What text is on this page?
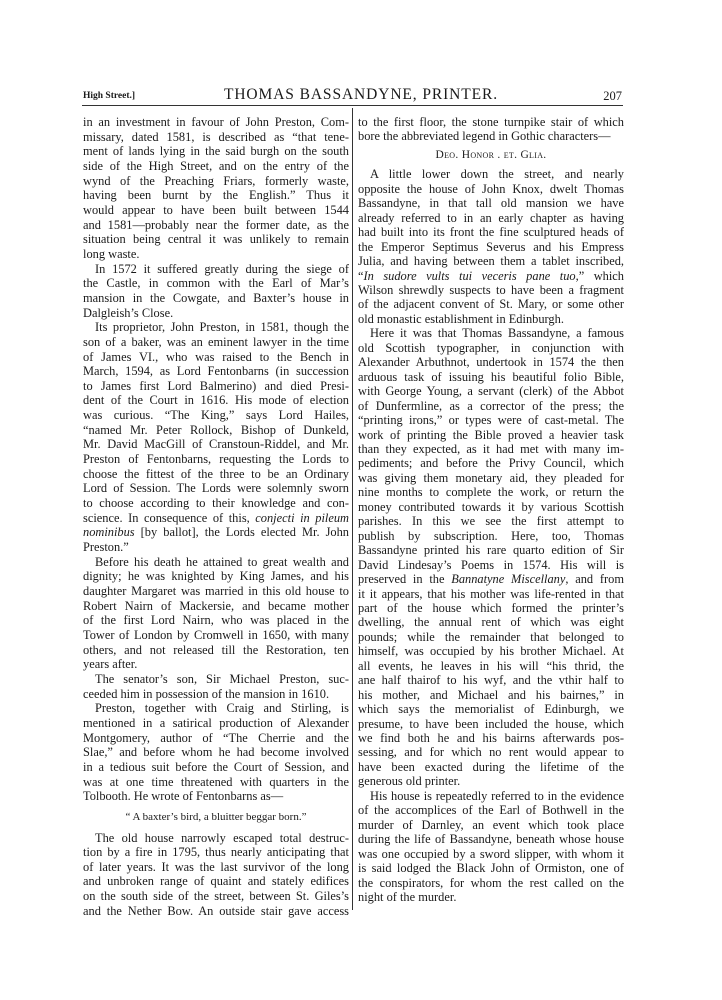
High Street.]	THOMAS BASSANDYNE, PRINTER.	207
in an investment in favour of John Preston, Com-
missary, dated 1581, is described as “that tene-
ment of lands lying in the said burgh on the south
side of the High Street, and on the entry of the
wynd of the Preaching Friars, formerly waste,
having been burnt by the English.” Thus it
would appear to have been built between 1544
and 1581—probably near the former date, as the
situation being central it was unlikely to remain
long waste.
In 1572 it suffered greatly during the siege of
the Castle, in common with the Earl of Mar’s
mansion in the Cowgate, and Baxter’s house in
Dalgleish’s Close.
Its proprietor, John Preston, in 1581, though the
son of a baker, was an eminent lawyer in the time
of James VI., who was raised to the Bench in
March, 1594, as Lord Fentonbarns (in succession
to James first Lord Balmerino) and died Presi-
dent of the Court in 1616. His mode of election
was curious. “The King,” says Lord Hailes,
“named Mr. Peter Rollock, Bishop of Dunkeld,
Mr. David MacGill of Cranstoun-Riddel, and Mr.
Preston of Fentonbarns, requesting the Lords to
choose the fittest of the three to be an Ordinary
Lord of Session. The Lords were solemnly sworn
to choose according to their knowledge and con-
science. In consequence of this, conjecti in pileum
nominibus [by ballot], the Lords elected Mr. John
Preston.”
Before his death he attained to great wealth and
dignity; he was knighted by King James, and his
daughter Margaret was married in this old house to
Robert Nairn of Mackersie, and became mother
of the first Lord Nairn, who was placed in the
Tower of London by Cromwell in 1650, with many
others, and not released till the Restoration, ten
years after.
The senator’s son, Sir Michael Preston, suc-
ceeded him in possession of the mansion in 1610.
Preston, together with Craig and Stirling, is
mentioned in a satirical production of Alexander
Montgomery, author of “The Cherrie and the
Slae,” and before whom he had become involved
in a tedious suit before the Court of Session, and
was at one time threatened with quarters in the
Tolbooth. He wrote of Fentonbarns as—
“ A baxter’s bird, a bluitter beggar born.”
The old house narrowly escaped total destruc-
tion by a fire in 1795, thus nearly anticipating that
of later years. It was the last survivor of the long
and unbroken range of quaint and stately edifices
on the south side of the street, between St. Giles’s
and the Nether Bow. An outside stair gave access
to the first floor, the stone turnpike stair of which
bore the abbreviated legend in Gothic characters—
Deo. Honor . et. Glia.
A little lower down the street, and nearly
opposite the house of John Knox, dwelt Thomas
Bassandyne, in that tall old mansion we have
already referred to in an early chapter as having
had built into its front the fine sculptured heads of
the Emperor Septimus Severus and his Empress
Julia, and having between them a tablet inscribed,
“In sudore vults tui veceris pane tuo,” which
Wilson shrewdly suspects to have been a fragment
of the adjacent convent of St. Mary, or some other
old monastic establishment in Edinburgh.
Here it was that Thomas Bassandyne, a famous
old Scottish typographer, in conjunction with
Alexander Arbuthnot, undertook in 1574 the then
arduous task of issuing his beautiful folio Bible,
with George Young, a servant (clerk) of the Abbot
of Dunfermline, as a corrector of the press; the
“printing irons,” or types were of cast-metal. The
work of printing the Bible proved a heavier task
than they expected, as it had met with many im-
pediments; and before the Privy Council, which
was giving them monetary aid, they pleaded for
nine months to complete the work, or return the
money contributed towards it by various Scottish
parishes. In this we see the first attempt to
publish by subscription. Here, too, Thomas
Bassandyne printed his rare quarto edition of Sir
David Lindesay’s Poems in 1574. His will is
preserved in the Bannatyne Miscellany, and from
it it appears, that his mother was life-rented in that
part of the house which formed the printer’s
dwelling, the annual rent of which was eight
pounds; while the remainder that belonged to
himself, was occupied by his brother Michael. At
all events, he leaves in his will “his thrid, the
ane half thairof to his wyf, and the vthir half to
his mother, and Michael and his bairnes,” in
which says the memorialist of Edinburgh, we
presume, to have been included the house, which
we find both he and his bairns afterwards pos-
sessing, and for which no rent would appear to
have been exacted during the lifetime of the
generous old printer.
His house is repeatedly referred to in the evidence
of the accomplices of the Earl of Bothwell in the
murder of Darnley, an event which took place
during the life of Bassandyne, beneath whose house
was one occupied by a sword slipper, with whom it
is said lodged the Black John of Ormiston, one of
the conspirators, for whom the rest called on the
night of the murder.
